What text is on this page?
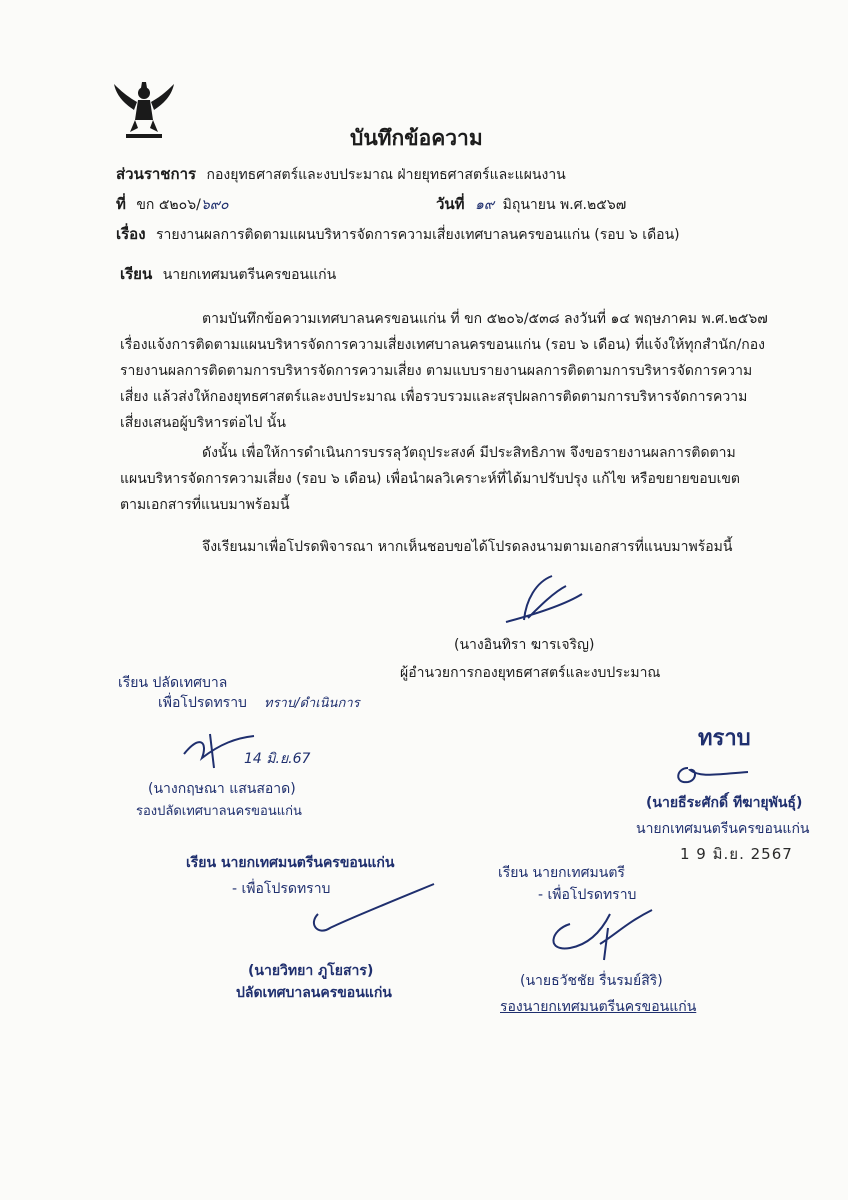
บันทึกข้อความ
ส่วนราชการ กองยุทธศาสตร์และงบประมาณ ฝ่ายยุทธศาสตร์และแผนงาน
ที่ ขก ๕๒๐๖/๖๙๐	วันที่ ๑๙ มิถุนายน พ.ศ.๒๕๖๗
เรื่อง รายงานผลการติดตามแผนบริหารจัดการความเสี่ยงเทศบาลนครขอนแก่น (รอบ ๖ เดือน)
เรียน นายกเทศมนตรีนครขอนแก่น
ตามบันทึกข้อความเทศบาลนครขอนแก่น ที่ ขก ๕๒๐๖/๕๓๘ ลงวันที่ ๑๔ พฤษภาคม พ.ศ.๒๕๖๗
เรื่องแจ้งการติดตามแผนบริหารจัดการความเสี่ยงเทศบาลนครขอนแก่น (รอบ ๖ เดือน) ที่แจ้งให้ทุกสำนัก/กอง
รายงานผลการติดตามการบริหารจัดการความเสี่ยง ตามแบบรายงานผลการติดตามการบริหารจัดการความ
เสี่ยง แล้วส่งให้กองยุทธศาสตร์และงบประมาณ เพื่อรวบรวมและสรุปผลการติดตามการบริหารจัดการความ
เสี่ยงเสนอผู้บริหารต่อไป นั้น
ดังนั้น เพื่อให้การดำเนินการบรรลุวัตถุประสงค์ มีประสิทธิภาพ จึงขอรายงานผลการติดตาม
แผนบริหารจัดการความเสี่ยง (รอบ ๖ เดือน) เพื่อนำผลวิเคราะห์ที่ได้มาปรับปรุง แก้ไข หรือขยายขอบเขต
ตามเอกสารที่แนบมาพร้อมนี้
จึงเรียนมาเพื่อโปรดพิจารณา หากเห็นชอบขอได้โปรดลงนามตามเอกสารที่แนบมาพร้อมนี้
(นางอินทิรา ฆารเจริญ)
ผู้อำนวยการกองยุทธศาสตร์และงบประมาณ
เรียน ปลัดเทศบาล
เพื่อโปรดทราบ ทราบ/ดำเนินการ
14 มิ.ย.67
(นางกฤษณา แสนสอาด)
รองปลัดเทศบาลนครขอนแก่น
ทราบ
(นายธีระศักดิ์ ทีฆายุพันธุ์)
นายกเทศมนตรีนครขอนแก่น
1 9 มิ.ย. 2567
เรียน นายกเทศมนตรีนครขอนแก่น
- เพื่อโปรดทราบ
(นายวิทยา ภูโยสาร)
ปลัดเทศบาลนครขอนแก่น
เรียน นายกเทศมนตรี
- เพื่อโปรดทราบ
(นายธวัชชัย รื่นรมย์สิริ)
รองนายกเทศมนตรีนครขอนแก่น
